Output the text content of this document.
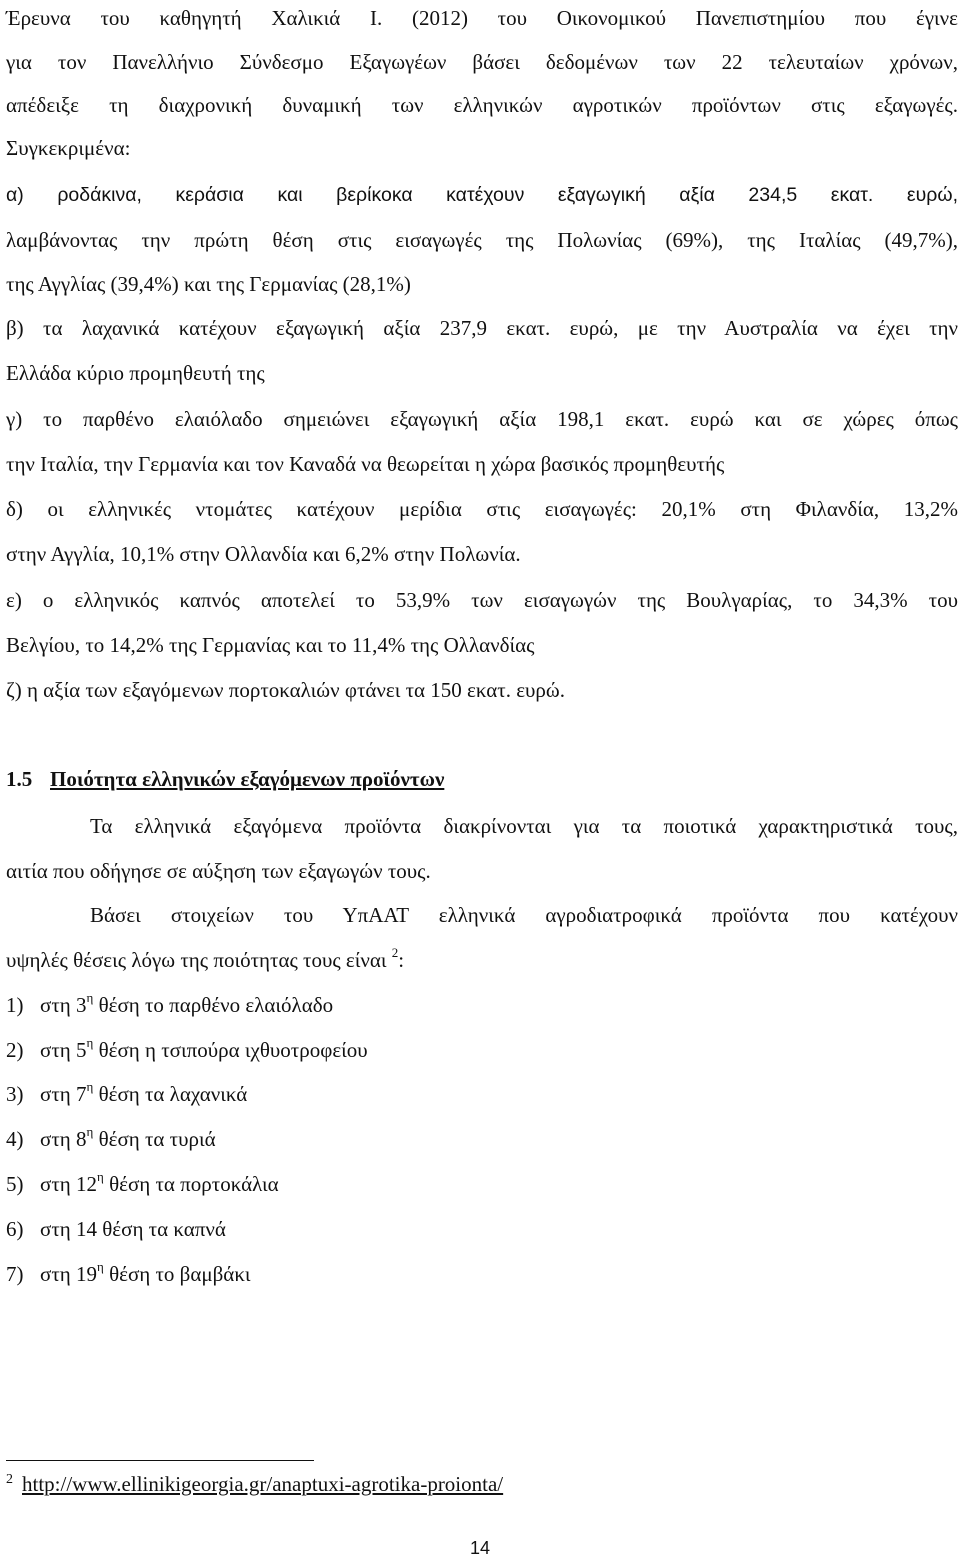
Έρευνα του καθηγητή Χαλικιά Ι. (2012) του Οικονομικού Πανεπιστημίου που έγινε
για τον Πανελλήνιο Σύνδεσμο Εξαγωγέων βάσει δεδομένων των 22 τελευταίων χρόνων,
απέδειξε τη διαχρονική δυναμική των ελληνικών αγροτικών προϊόντων στις εξαγωγές.
Συγκεκριμένα:
α) ροδάκινα, κεράσια και βερίκοκα κατέχουν εξαγωγική αξία 234,5 εκατ. ευρώ,
λαμβάνοντας την πρώτη θέση στις εισαγωγές της Πολωνίας (69%), της Ιταλίας (49,7%),
της Αγγλίας (39,4%) και της Γερμανίας (28,1%)
β) τα λαχανικά κατέχουν εξαγωγική αξία 237,9 εκατ. ευρώ, με την Αυστραλία να έχει την
Ελλάδα κύριο προμηθευτή της
γ) το παρθένο ελαιόλαδο σημειώνει εξαγωγική αξία 198,1 εκατ. ευρώ και σε χώρες όπως
την Ιταλία, την Γερμανία και τον Καναδά να θεωρείται η χώρα βασικός προμηθευτής
δ) οι ελληνικές ντομάτες κατέχουν μερίδια στις εισαγωγές: 20,1% στη Φιλανδία, 13,2%
στην Αγγλία, 10,1% στην Ολλανδία και 6,2% στην Πολωνία.
ε) ο ελληνικός καπνός αποτελεί το 53,9% των εισαγωγών της Βουλγαρίας, το 34,3% του
Βελγίου, το 14,2% της Γερμανίας και το 11,4% της Ολλανδίας
ζ) η αξία των εξαγόμενων πορτοκαλιών φτάνει τα 150 εκατ. ευρώ.
1.5 Ποιότητα ελληνικών εξαγόμενων προϊόντων
Τα ελληνικά εξαγόμενα προϊόντα διακρίνονται για τα ποιοτικά χαρακτηριστικά τους,
αιτία που οδήγησε σε αύξηση των εξαγωγών τους.
Βάσει στοιχείων του ΥπΑΑΤ ελληνικά αγροδιατροφικά προϊόντα που κατέχουν
υψηλές θέσεις λόγω της ποιότητας τους είναι $^2$:
1) στη $3^\eta$ θέση το παρθένο ελαιόλαδο
2) στη $5^\eta$ θέση η τσιπούρα ιχθυοτροφείου
3) στη $7^\eta$ θέση τα λαχανικά
4) στη $8^\eta$ θέση τα τυριά
5) στη $12^\eta$ θέση τα πορτοκάλια
6) στη 14 θέση τα καπνά
7) στη $19^\eta$ θέση το βαμβάκι
2 http://www.ellinikigeorgia.gr/anaptuxi-agrotika-proionta/
14
